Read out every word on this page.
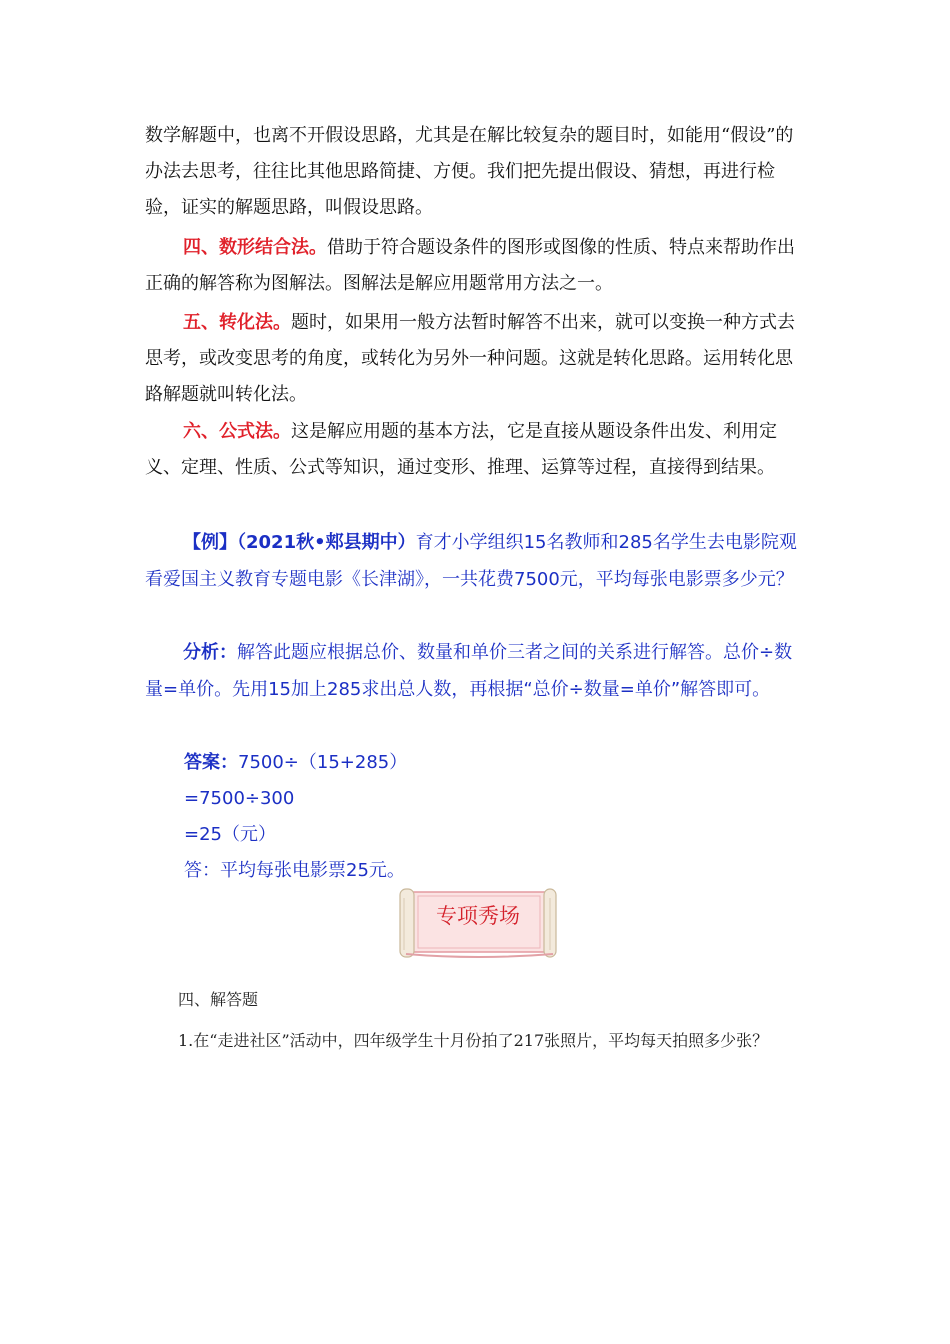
数学解题中，也离不开假设思路，尤其是在解比较复杂的题目时，如能用“假设”的办法去思考，往往比其他思路简捷、方便。我们把先提出假设、猜想，再进行检验，证实的解题思路，叫假设思路。

四、数形结合法。借助于符合题设条件的图形或图像的性质、特点来帮助作出正确的解答称为图解法。图解法是解应用题常用方法之一。

五、转化法。题时，如果用一般方法暂时解答不出来，就可以变换一种方式去思考，或改变思考的角度，或转化为另外一种问题。这就是转化思路。运用转化思路解题就叫转化法。

六、公式法。这是解应用题的基本方法，它是直接从题设条件出发、利用定义、定理、性质、公式等知识，通过变形、推理、运算等过程，直接得到结果。

【例】（2021秋•郏县期中）育才小学组织15名教师和285名学生去电影院观看爱国主义教育专题电影《长津湖》，一共花费7500元，平均每张电影票多少元？

分析：解答此题应根据总价、数量和单价三者之间的关系进行解答。总价÷数量=单价。先用15加上285求出总人数，再根据“总价÷数量=单价”解答即可。

答案：7500÷（15+285）
=7500÷300
=25（元）
答：平均每张电影票25元。
专项秀场
四、解答题
1.在“走进社区”活动中，四年级学生十月份拍了217张照片，平均每天拍照多少张？
